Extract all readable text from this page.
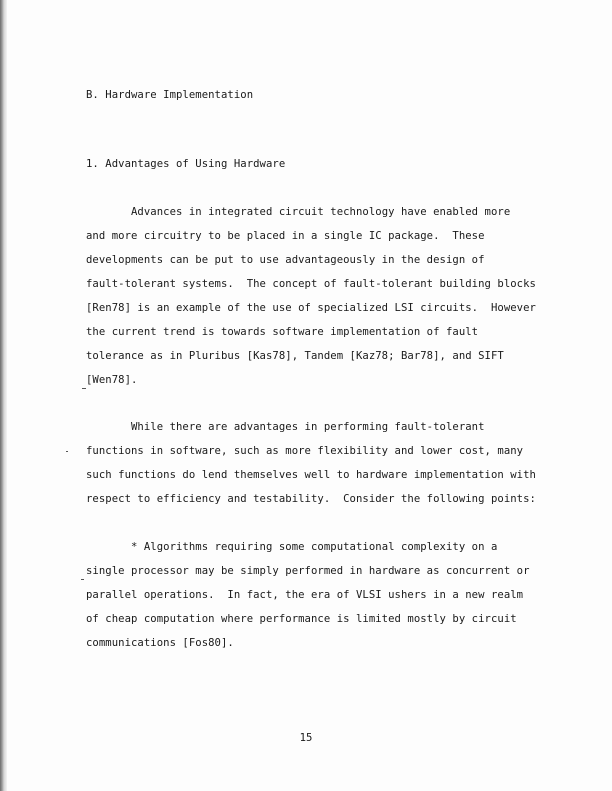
B. Hardware Implementation
1. Advantages of Using Hardware
Advances in integrated circuit technology have enabled more
and more circuitry to be placed in a single IC package.  These
developments can be put to use advantageously in the design of
fault-tolerant systems.  The concept of fault-tolerant building blocks
[Ren78] is an example of the use of specialized LSI circuits.  However
the current trend is towards software implementation of fault
tolerance as in Pluribus [Kas78], Tandem [Kaz78; Bar78], and SIFT
[Wen78].
While there are advantages in performing fault-tolerant
functions in software, such as more flexibility and lower cost, many
such functions do lend themselves well to hardware implementation with
respect to efficiency and testability.  Consider the following points:
* Algorithms requiring some computational complexity on a
single processor may be simply performed in hardware as concurrent or
parallel operations.  In fact, the era of VLSI ushers in a new realm
of cheap computation where performance is limited mostly by circuit
communications [Fos80].
15
